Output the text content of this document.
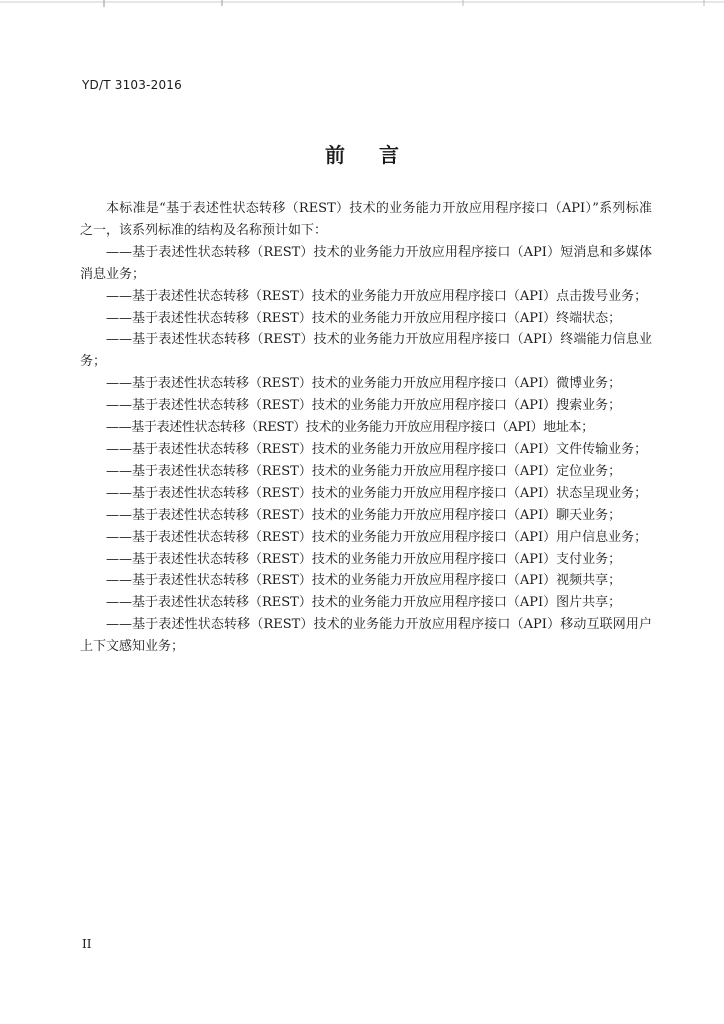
YD/T 3103-2016
前言

本标准是“基于表述性状态转移（REST）技术的业务能力开放应用程序接口（API）”系列标准之一，该系列标准的结构及名称预计如下：

——基于表述性状态转移（REST）技术的业务能力开放应用程序接口（API）短消息和多媒体消息业务；

——基于表述性状态转移（REST）技术的业务能力开放应用程序接口（API）点击拨号业务；

——基于表述性状态转移（REST）技术的业务能力开放应用程序接口（API）终端状态；

——基于表述性状态转移（REST）技术的业务能力开放应用程序接口（API）终端能力信息业务；

——基于表述性状态转移（REST）技术的业务能力开放应用程序接口（API）微博业务；

——基于表述性状态转移（REST）技术的业务能力开放应用程序接口（API）搜索业务；

——基于表述性状态转移（REST）技术的业务能力开放应用程序接口（API）地址本；

——基于表述性状态转移（REST）技术的业务能力开放应用程序接口（API）文件传输业务；

——基于表述性状态转移（REST）技术的业务能力开放应用程序接口（API）定位业务；

——基于表述性状态转移（REST）技术的业务能力开放应用程序接口（API）状态呈现业务；

——基于表述性状态转移（REST）技术的业务能力开放应用程序接口（API）聊天业务；

——基于表述性状态转移（REST）技术的业务能力开放应用程序接口（API）用户信息业务；

——基于表述性状态转移（REST）技术的业务能力开放应用程序接口（API）支付业务；

——基于表述性状态转移（REST）技术的业务能力开放应用程序接口（API）视频共享；

——基于表述性状态转移（REST）技术的业务能力开放应用程序接口（API）图片共享；

——基于表述性状态转移（REST）技术的业务能力开放应用程序接口（API）移动互联网用户上下文感知业务；

II
